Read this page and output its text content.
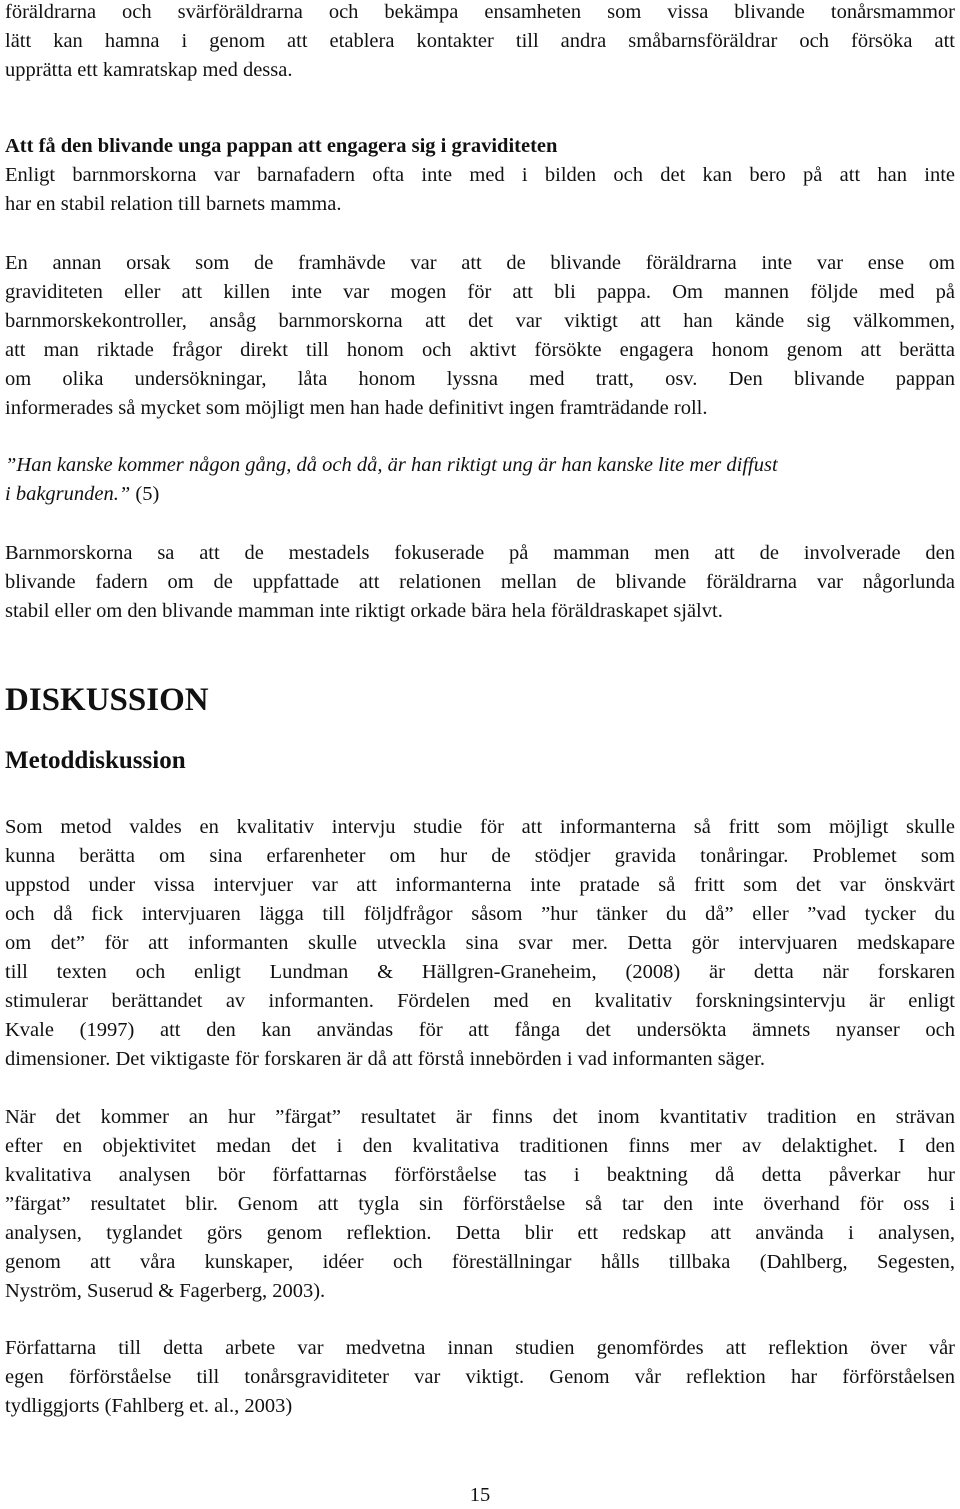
föräldrarna och svärföräldrarna och bekämpa ensamheten som vissa blivande tonårsmammor
lätt kan hamna i genom att etablera kontakter till andra småbarnsföräldrar och försöka att
upprätta ett kamratskap med dessa.
Att få den blivande unga pappan att engagera sig i graviditeten
Enligt barnmorskorna var barnafadern ofta inte med i bilden och det kan bero på att han inte
har en stabil relation till barnets mamma.
En annan orsak som de framhävde var att de blivande föräldrarna inte var ense om
graviditeten eller att killen inte var mogen för att bli pappa. Om mannen följde med på
barnmorskekontroller, ansåg barnmorskorna att det var viktigt att han kände sig välkommen,
att man riktade frågor direkt till honom och aktivt försökte engagera honom genom att berätta
om olika undersökningar, låta honom lyssna med tratt, osv. Den blivande pappan
informerades så mycket som möjligt men han hade definitivt ingen framträdande roll.
”Han kanske kommer någon gång, då och då, är han riktigt ung är han kanske lite mer diffust
i bakgrunden.” (5)
Barnmorskorna sa att de mestadels fokuserade på mamman men att de involverade den
blivande fadern om de uppfattade att relationen mellan de blivande föräldrarna var någorlunda
stabil eller om den blivande mamman inte riktigt orkade bära hela föräldraskapet självt.
DISKUSSION
Metoddiskussion
Som metod valdes en kvalitativ intervju studie för att informanterna så fritt som möjligt skulle
kunna berätta om sina erfarenheter om hur de stödjer gravida tonåringar. Problemet som
uppstod under vissa intervjuer var att informanterna inte pratade så fritt som det var önskvärt
och då fick intervjuaren lägga till följdfrågor såsom ”hur tänker du då” eller ”vad tycker du
om det” för att informanten skulle utveckla sina svar mer. Detta gör intervjuaren medskapare
till texten och enligt Lundman & Hällgren-Graneheim, (2008) är detta när forskaren
stimulerar berättandet av informanten. Fördelen med en kvalitativ forskningsintervju är enligt
Kvale (1997) att den kan användas för att fånga det undersökta ämnets nyanser och
dimensioner. Det viktigaste för forskaren är då att förstå innebörden i vad informanten säger.
När det kommer an hur ”färgat” resultatet är finns det inom kvantitativ tradition en strävan
efter en objektivitet medan det i den kvalitativa traditionen finns mer av delaktighet. I den
kvalitativa analysen bör författarnas förförståelse tas i beaktning då detta påverkar hur
”färgat” resultatet blir. Genom att tygla sin förförståelse så tar den inte överhand för oss i
analysen, tyglandet görs genom reflektion. Detta blir ett redskap att använda i analysen,
genom att våra kunskaper, idéer och föreställningar hålls tillbaka (Dahlberg, Segesten,
Nyström, Suserud & Fagerberg, 2003).
Författarna till detta arbete var medvetna innan studien genomfördes att reflektion över vår
egen förförståelse till tonårsgraviditeter var viktigt. Genom vår reflektion har förförståelsen
tydliggjorts (Fahlberg et. al., 2003)
15
